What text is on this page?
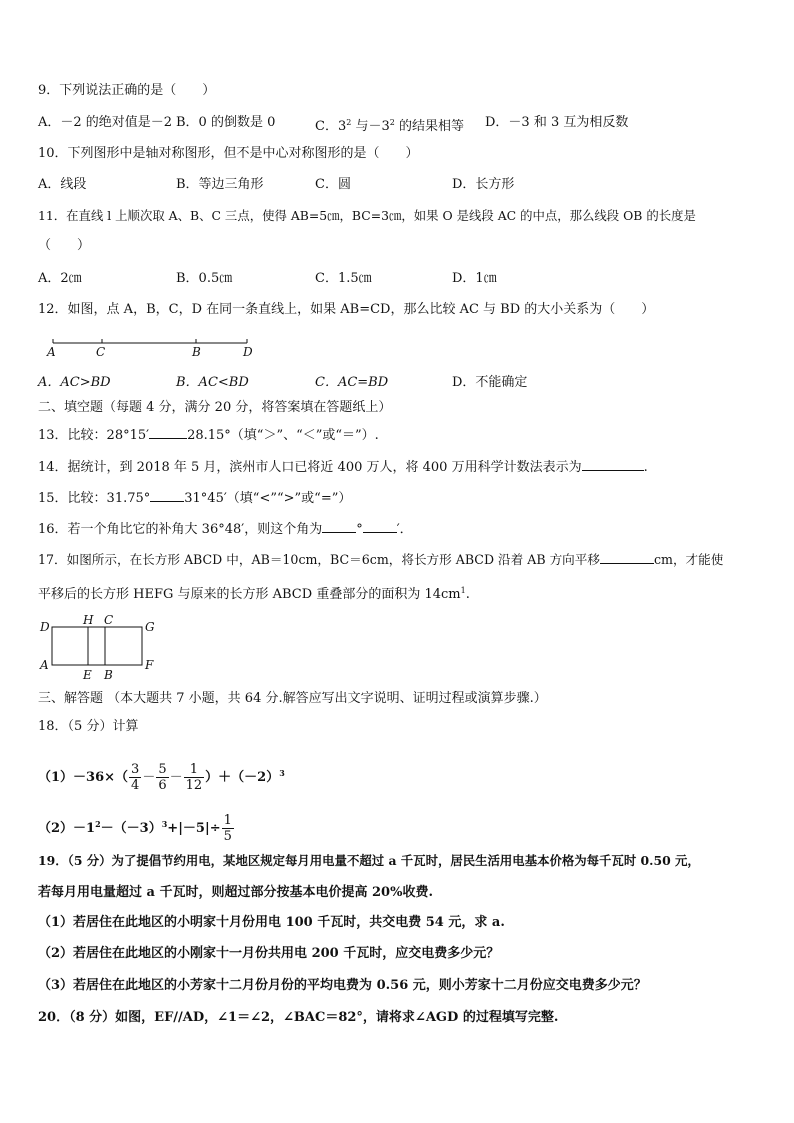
9．下列说法正确的是（　　）
A．－2 的绝对值是－2 B．0 的倒数是 0	C．$3^2$ 与$-3^2$ 的结果相等 D．－3 和 3 互为相反数
10．下列图形中是轴对称图形，但不是中心对称图形的是（　　）
A．线段	B．等边三角形	C．圆	D．长方形
11．在直线 l 上顺次取 A、B、C 三点，使得 AB=5㎝，BC=3㎝，如果 O 是线段 AC 的中点，那么线段 OB 的长度是
（　　）
A．2㎝	B．0.5㎝	C．1.5㎝	D．1㎝
12．如图，点 A，B，C，D 在同一条直线上，如果 AB=CD，那么比较 AC 与 BD 的大小关系为（　　）
A	C	B	D
A．AC>BD	B．AC<BD	C．AC=BD	D．不能确定
二、填空题（每题 4 分，满分 20 分，将答案填在答题纸上）
13．比较：28°15′	28.15°（填“＞”、“＜”或“＝”）.
14．据统计，到 2018 年 5 月，滨州市人口已将近 400 万人，将 400 万用科学计数法表示为	.
15．比较：31.75°	31°45′（填“<”“>”或“=”）
16．若一个角比它的补角大 36°48′，则这个角为	°	′．
17．如图所示，在长方形 ABCD 中，AB＝10cm，BC＝6cm，将长方形 ABCD 沿着 AB 方向平移	cm，才能使
平移后的长方形 HEFG 与原来的长方形 ABCD 重叠部分的面积为 $14cm^1$.
D	H C	G
A
E B
F
三、解答题 （本大题共 7 小题，共 64 分.解答应写出文字说明、证明过程或演算步骤.）
18．（5 分）计算
$(1)-36\times( \frac{3}{4} - \frac{5}{6} - \frac{1}{12} )+(-2)^3$
$(2)-1^2-(-3)^3+|-5|\div \frac{1}{5}$
19．（5 分）为了提倡节约用电，某地区规定每月用电量不超过 a 千瓦时，居民生活用电基本价格为每千瓦时 0.50 元，
若每月用电量超过 a 千瓦时，则超过部分按基本电价提高 20%收费.
（1）若居住在此地区的小明家十月份用电 100 千瓦时，共交电费 54 元，求 a.
（2）若居住在此地区的小刚家十一月份共用电 200 千瓦时，应交电费多少元？
（3）若居住在此地区的小芳家十二月份月份的平均电费为 0.56 元，则小芳家十二月份应交电费多少元？
20．（8 分）如图，EF//AD，∠1＝∠2，∠BAC＝82°，请将求∠AGD 的过程填写完整.
